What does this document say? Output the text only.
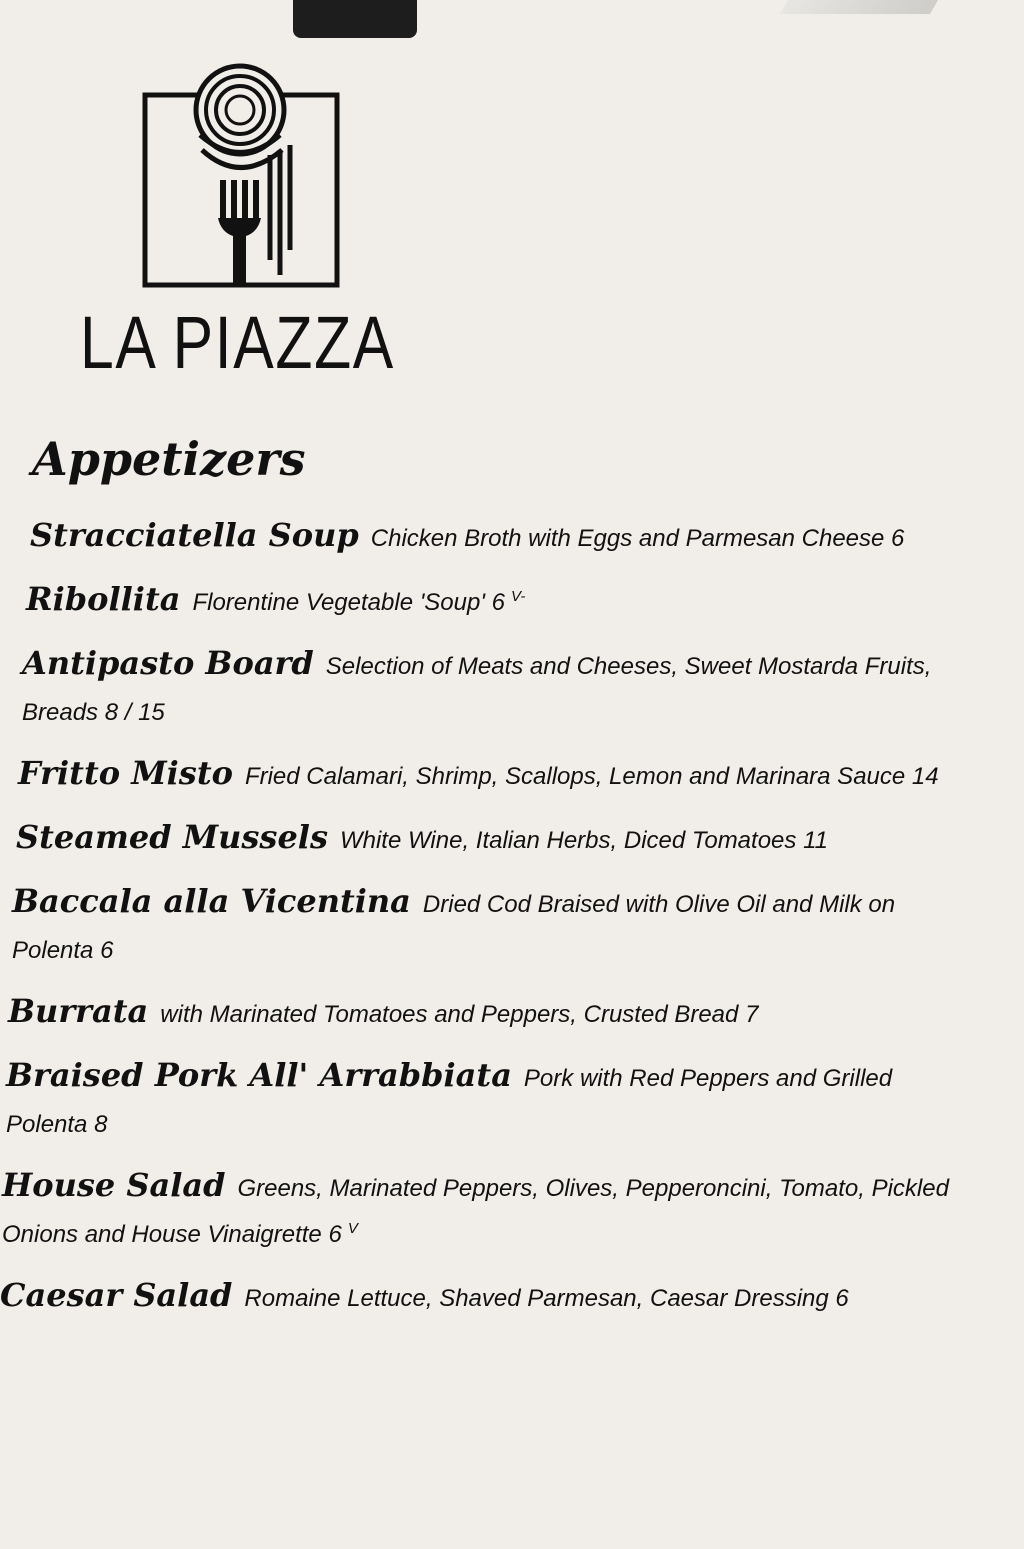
LA PIAZZA
Appetizers
Stracciatella Soup Chicken Broth with Eggs and Parmesan Cheese 6
Ribollita Florentine Vegetable 'Soup' 6 $^{V-}$
Antipasto Board Selection of Meats and Cheeses, Sweet Mostarda Fruits, Breads 8 / 15
Fritto Misto Fried Calamari, Shrimp, Scallops, Lemon and Marinara Sauce 14
Steamed Mussels White Wine, Italian Herbs, Diced Tomatoes 11
Baccala alla Vicentina Dried Cod Braised with Olive Oil and Milk on Polenta 6
Burrata with Marinated Tomatoes and Peppers, Crusted Bread 7
Braised Pork All' Arrabbiata Pork with Red Peppers and Grilled Polenta 8
House Salad Greens, Marinated Peppers, Olives, Pepperoncini, Tomato, Pickled Onions and House Vinaigrette 6 $^V$
Caesar Salad Romaine Lettuce, Shaved Parmesan, Caesar Dressing 6
